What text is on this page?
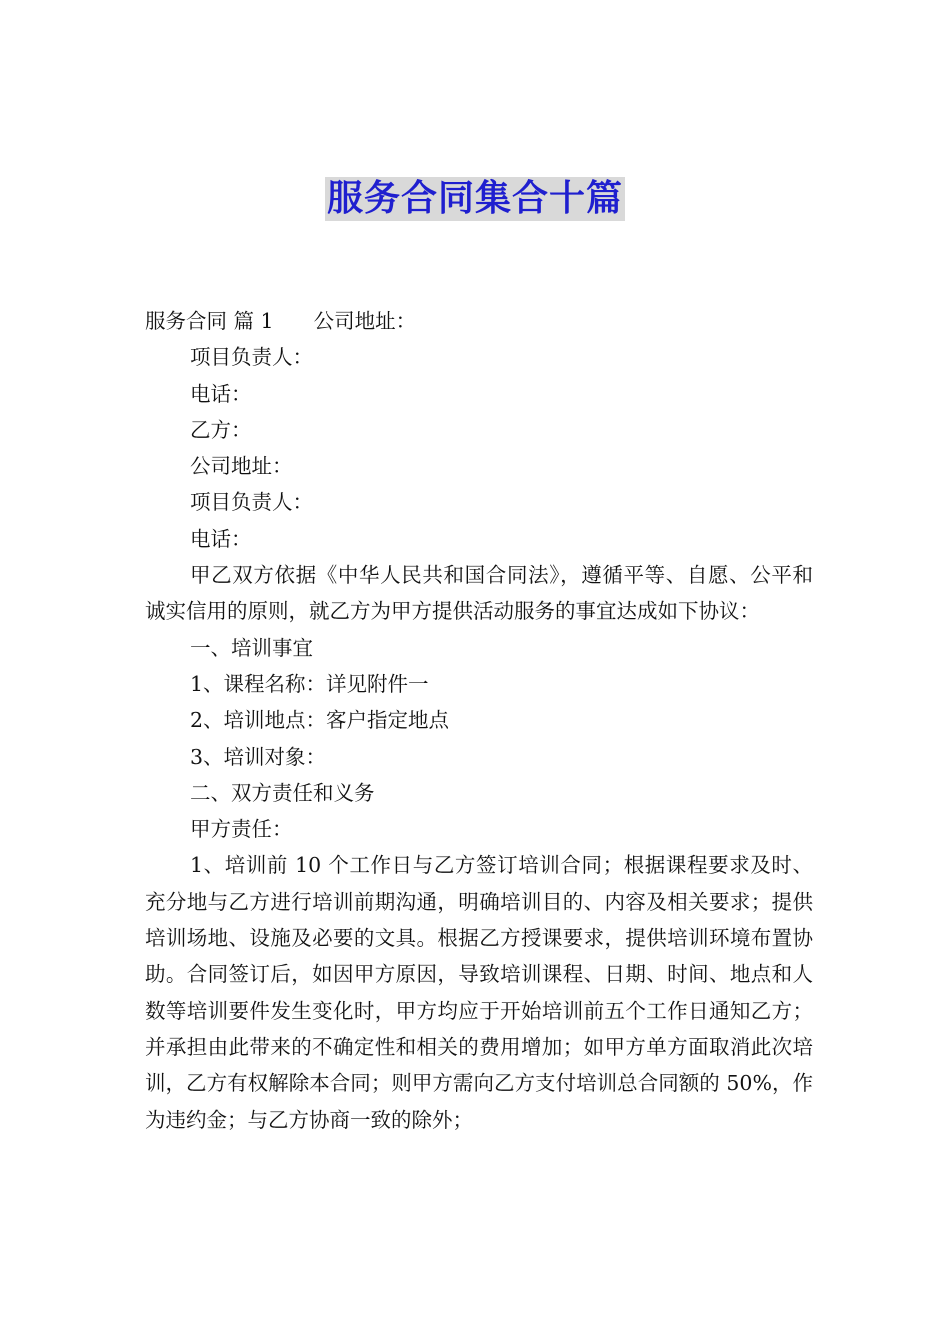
服务合同集合十篇
服务合同 篇 1 公司地址：
项目负责人：
电话：
乙方：
公司地址：
项目负责人：
电话：
甲乙双方依据《中华人民共和国合同法》，遵循平等、自愿、公平和诚实信用的原则，就乙方为甲方提供活动服务的事宜达成如下协议：
一、培训事宜
1、课程名称：详见附件一
2、培训地点：客户指定地点
3、培训对象：
二、双方责任和义务
甲方责任：
1、培训前 10 个工作日与乙方签订培训合同；根据课程要求及时、充分地与乙方进行培训前期沟通，明确培训目的、内容及相关要求；提供培训场地、设施及必要的文具。根据乙方授课要求，提供培训环境布置协助。合同签订后，如因甲方原因，导致培训课程、日期、时间、地点和人数等培训要件发生变化时，甲方均应于开始培训前五个工作日通知乙方；并承担由此带来的不确定性和相关的费用增加；如甲方单方面取消此次培训，乙方有权解除本合同；则甲方需向乙方支付培训总合同额的 50%，作为违约金；与乙方协商一致的除外；
